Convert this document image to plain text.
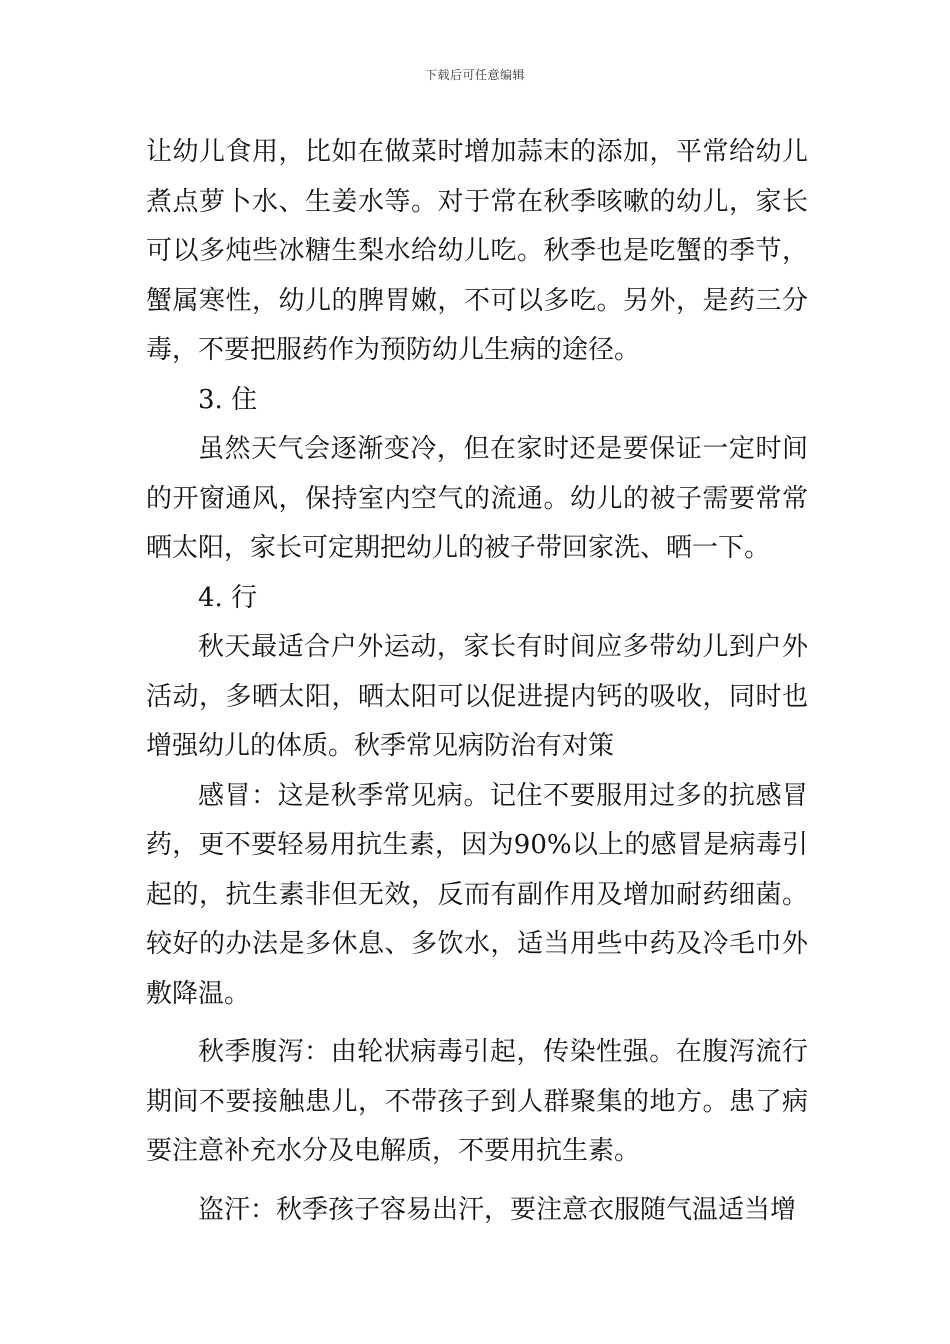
下载后可任意编辑

让幼儿食用，比如在做菜时增加蒜末的添加，平常给幼儿煮点萝卜水、生姜水等。对于常在秋季咳嗽的幼儿，家长可以多炖些冰糖生梨水给幼儿吃。秋季也是吃蟹的季节，蟹属寒性，幼儿的脾胃嫩，不可以多吃。另外，是药三分毒，不要把服药作为预防幼儿生病的途径。

3. 住

虽然天气会逐渐变冷，但在家时还是要保证一定时间的开窗通风，保持室内空气的流通。幼儿的被子需要常常晒太阳，家长可定期把幼儿的被子带回家洗、晒一下。

4. 行

秋天最适合户外运动，家长有时间应多带幼儿到户外活动，多晒太阳，晒太阳可以促进提内钙的吸收，同时也增强幼儿的体质。秋季常见病防治有对策

感冒：这是秋季常见病。记住不要服用过多的抗感冒药，更不要轻易用抗生素，因为90%以上的感冒是病毒引起的，抗生素非但无效，反而有副作用及增加耐药细菌。较好的办法是多休息、多饮水，适当用些中药及冷毛巾外敷降温。

秋季腹泻：由轮状病毒引起，传染性强。在腹泻流行期间不要接触患儿，不带孩子到人群聚集的地方。患了病要注意补充水分及电解质，不要用抗生素。

盗汗：秋季孩子容易出汗，要注意衣服随气温适当增
